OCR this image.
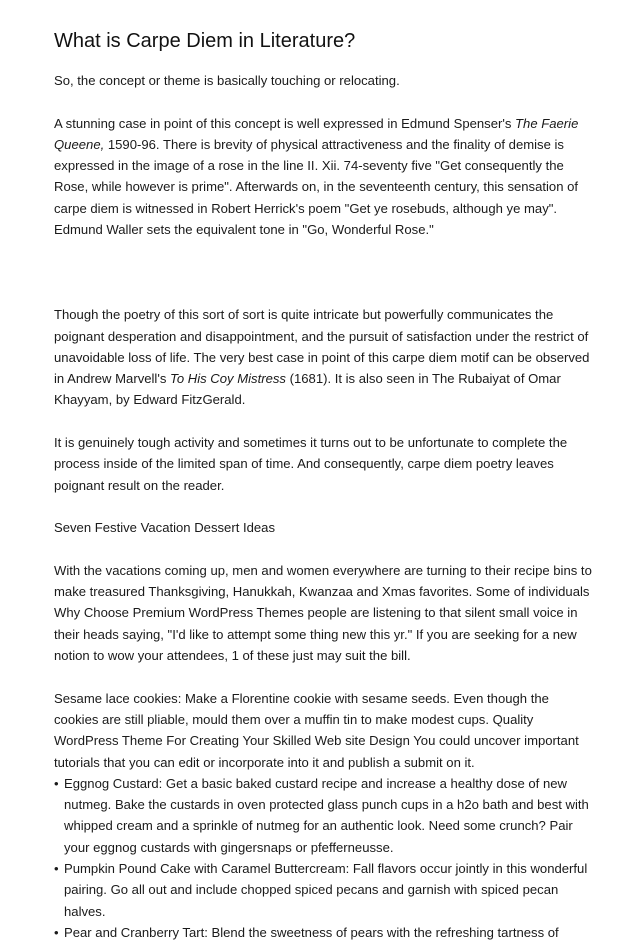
What is Carpe Diem in Literature?

So, the concept or theme is basically touching or relocating.

A stunning case in point of this concept is well expressed in Edmund Spenser's The Faerie Queene, 1590-96. There is brevity of physical attractiveness and the finality of demise is expressed in the image of a rose in the line II. Xii. 74-seventy five "Get consequently the Rose, while however is prime". Afterwards on, in the seventeenth century, this sensation of carpe diem is witnessed in Robert Herrick's poem "Get ye rosebuds, although ye may". Edmund Waller sets the equivalent tone in "Go, Wonderful Rose."

Though the poetry of this sort of sort is quite intricate but powerfully communicates the poignant desperation and disappointment, and the pursuit of satisfaction under the restrict of unavoidable loss of life. The very best case in point of this carpe diem motif can be observed in Andrew Marvell's To His Coy Mistress (1681). It is also seen in The Rubaiyat of Omar Khayyam, by Edward FitzGerald.

It is genuinely tough activity and sometimes it turns out to be unfortunate to complete the process inside of the limited span of time. And consequently, carpe diem poetry leaves poignant result on the reader.

Seven Festive Vacation Dessert Ideas

With the vacations coming up, men and women everywhere are turning to their recipe bins to make treasured Thanksgiving, Hanukkah, Kwanzaa and Xmas favorites. Some of individuals Why Choose Premium WordPress Themes people are listening to that silent small voice in their heads saying, "I'd like to attempt some thing new this yr." If you are seeking for a new notion to wow your attendees, 1 of these just may suit the bill.

Sesame lace cookies: Make a Florentine cookie with sesame seeds. Even though the cookies are still pliable, mould them over a muffin tin to make modest cups. Quality WordPress Theme For Creating Your Skilled Web site Design You could uncover important tutorials that you can edit or incorporate into it and publish a submit on it.

• Eggnog Custard: Get a basic baked custard recipe and increase a healthy dose of new nutmeg. Bake the custards in oven protected glass punch cups in a h2o bath and best with whipped cream and a sprinkle of nutmeg for an authentic look. Need some crunch? Pair your eggnog custards with gingersnaps or pfefferneusse.
• Pumpkin Pound Cake with Caramel Buttercream: Fall flavors occur jointly in this wonderful pairing. Go all out and include chopped spiced pecans and garnish with spiced pecan halves.
• Pear and Cranberry Tart: Blend the sweetness of pears with the refreshing tartness of
